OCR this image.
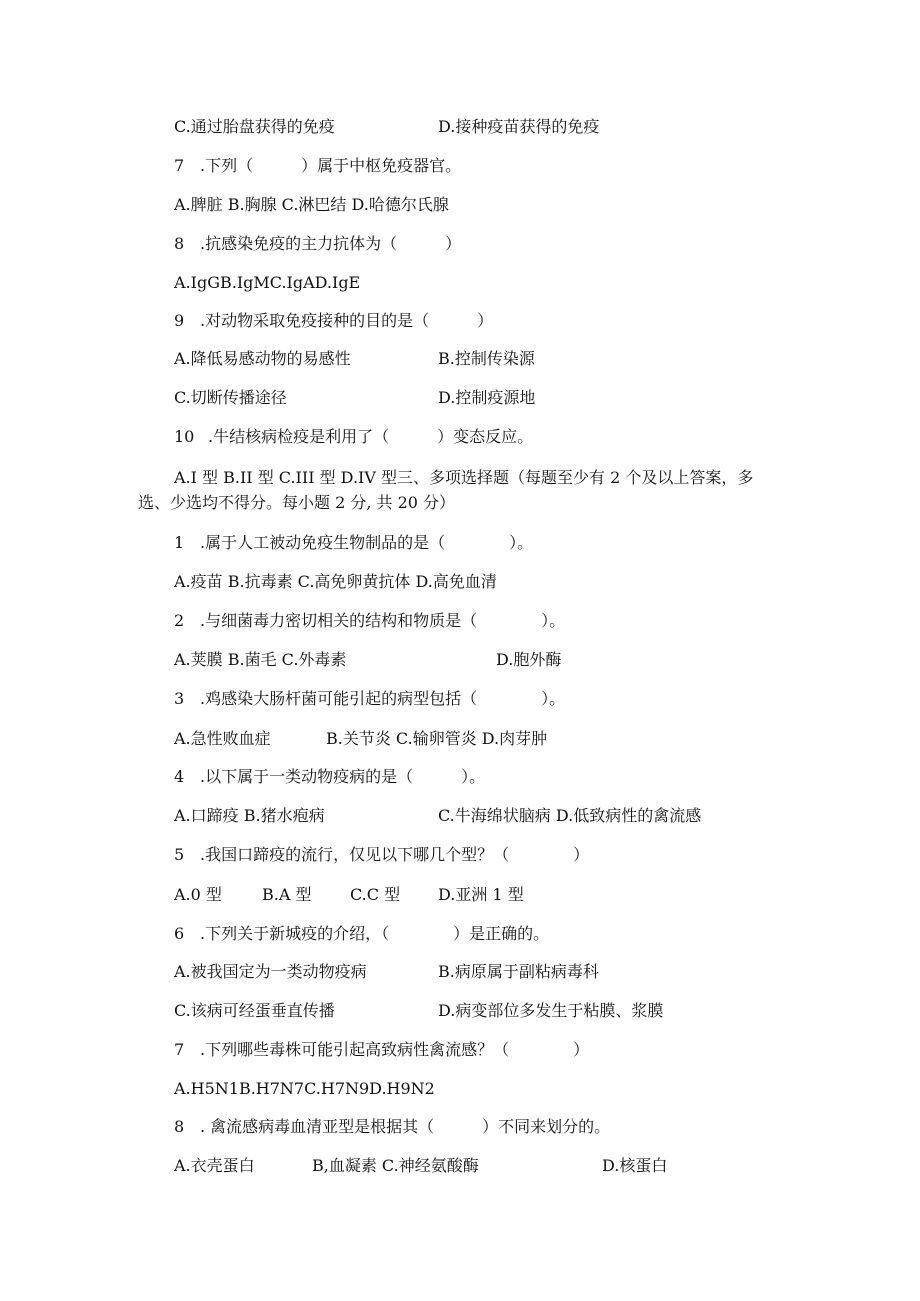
C.通过胎盘获得的免疫	D.接种疫苗获得的免疫
7 .下列（　　　）属于中枢免疫器官。
A.脾脏 B.胸腺 C.淋巴结 D.哈德尔氏腺
8 .抗感染免疫的主力抗体为（　　　）
A.IgGB.IgMC.IgAD.IgE
9 .对动物采取免疫接种的目的是（　　　）
A.降低易感动物的易感性	B.控制传染源
C.切断传播途径	D.控制疫源地
10 .牛结核病检疫是利用了（　　　）变态反应。
A.I 型 B.II 型 C.III 型 D.IV 型三、多项选择题（每题至少有 2 个及以上答案，多
选、少选均不得分。每小题 2 分, 共 20 分）
1 .属于人工被动免疫生物制品的是（　　　　）。
A.疫苗 B.抗毒素 C.高免卵黄抗体 D.高免血清
2 .与细菌毒力密切相关的结构和物质是（　　　　）。
A.荚膜 B.菌毛 C.外毒素	D.胞外酶
3 .鸡感染大肠杆菌可能引起的病型包括（　　　　）。
A.急性败血症	B.关节炎 C.输卵管炎 D.肉芽肿
4 .以下属于一类动物疫病的是（　　　）。
A.口蹄疫 B.猪水疱病	C.牛海绵状脑病 D.低致病性的禽流感
5 .我国口蹄疫的流行，仅见以下哪几个型？（　　　　）
A.0 型	B.A 型 C.C 型 D.亚洲 1 型
6 .下列关于新城疫的介绍，（　　　　）是正确的。
A.被我国定为一类动物疫病	B.病原属于副粘病毒科
C.该病可经蛋垂直传播	D.病变部位多发生于粘膜、浆膜
7 .下列哪些毒株可能引起高致病性禽流感？（　　　　）
A.H5N1B.H7N7C.H7N9D.H9N2
8 . 禽流感病毒血清亚型是根据其（　　　）不同来划分的。
A.衣壳蛋白	B,血凝素 C.神经氨酸酶	D.核蛋白
